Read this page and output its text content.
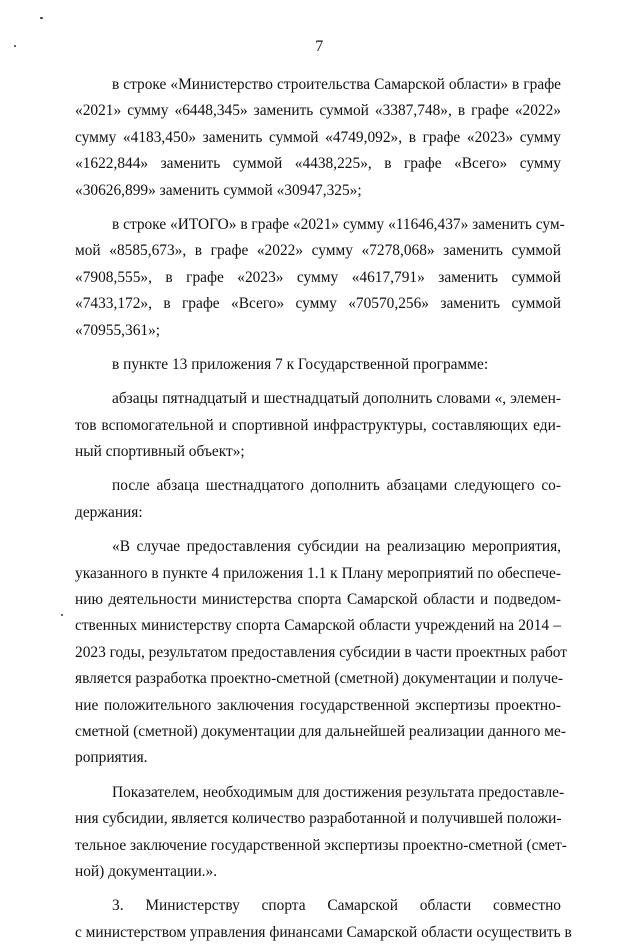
7
в строке «Министерство строительства Самарской области» в графе
«2021» сумму «6448,345» заменить суммой «3387,748», в графе «2022»
сумму «4183,450» заменить суммой «4749,092», в графе «2023» сумму
«1622,844» заменить суммой «4438,225», в графе «Всего» сумму
«30626,899» заменить суммой «30947,325»;
в строке «ИТОГО» в графе «2021» сумму «11646,437» заменить сум-
мой «8585,673», в графе «2022» сумму «7278,068» заменить суммой
«7908,555», в графе «2023» сумму «4617,791» заменить суммой
«7433,172», в графе «Всего» сумму «70570,256» заменить суммой
«70955,361»;
в пункте 13 приложения 7 к Государственной программе:
абзацы пятнадцатый и шестнадцатый дополнить словами «, элемен-
тов вспомогательной и спортивной инфраструктуры, составляющих еди-
ный спортивный объект»;
после абзаца шестнадцатого дополнить абзацами следующего со-
держания:
«В случае предоставления субсидии на реализацию мероприятия,
указанного в пункте 4 приложения 1.1 к Плану мероприятий по обеспече-
нию деятельности министерства спорта Самарской области и подведом-
ственных министерству спорта Самарской области учреждений на 2014 –
2023 годы, результатом предоставления субсидии в части проектных работ
является разработка проектно-сметной (сметной) документации и получе-
ние положительного заключения государственной экспертизы проектно-
сметной (сметной) документации для дальнейшей реализации данного ме-
роприятия.
Показателем, необходимым для достижения результата предоставле-
ния субсидии, является количество разработанной и получившей положи-
тельное заключение государственной экспертизы проектно-сметной (смет-
ной) документации.».
3. Министерству спорта Самарской области совместно
с министерством управления финансами Самарской области осуществить в
